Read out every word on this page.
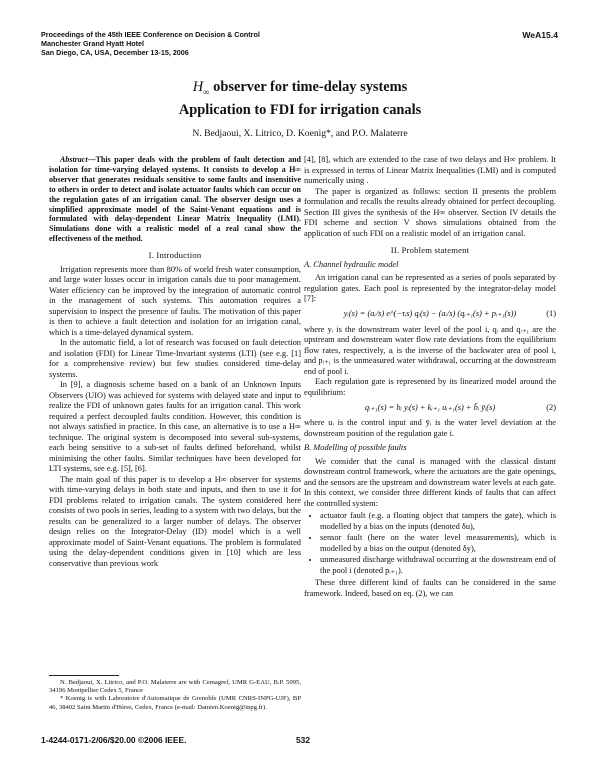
Proceedings of the 45th IEEE Conference on Decision & Control
Manchester Grand Hyatt Hotel
San Diego, CA, USA, December 13-15, 2006
WeA15.4
$H_\infty$ observer for time-delay systems
Application to FDI for irrigation canals
N. Bedjaoui, X. Litrico, D. Koenig*, and P.O. Malaterre

Abstract—This paper deals with the problem of fault detection and isolation for time-varying delayed systems. It consists to develop a H∞ observer that generates residuals sensitive to some faults and insensitive to others in order to detect and isolate actuator faults which can occur on the regulation gates of an irrigation canal. The observer design uses a simplified approximate model of the Saint-Venant equations and is formulated with delay-dependent Linear Matrix Inequality (LMI). Simulations done with a realistic model of a real canal show the effectiveness of the method.

I. Introduction

Irrigation represents more than 80% of world fresh water consumption, and large water losses occur in irrigation canals due to poor management. Water efficiency can be improved by the integration of automatic control in the management of such systems. This automation requires a supervision to inspect the presence of faults. The motivation of this paper is then to achieve a fault detection and isolation for an irrigation canal, which is a time-delayed dynamical system.

In the automatic field, a lot of research was focused on fault detection and isolation (FDI) for Linear Time-Invariant systems (LTI) (see e.g. [1] for a comprehensive review) but few studies considered time-delay systems.

In [9], a diagnosis scheme based on a bank of an Unknown Inputs Observers (UIO) was achieved for systems with delayed state and input to realize the FDI of unknown gates faults for an irrigation canal. This work required a perfect decoupled faults condition. However, this condition is not always satisfied in practice. In this case, an alternative is to use a H∞ technique. The original system is decomposed into several sub-systems, each being sensitive to a sub-set of faults defined beforehand, whilst minimising the other faults. Similar techniques have been developed for LTI systems, see e.g. [5], [6].

The main goal of this paper is to develop a H∞ observer for systems with time-varying delays in both state and inputs, and then to use it for FDI problems related to irrigation canals. The system considered here consists of two pools in series, leading to a system with two delays, but the results can be generalized to a larger number of delays. The observer design relies on the Integrator-Delay (ID) model which is a well approximate model of Saint-Venant equations. The problem is formulated using the delay-dependent conditions given in [10] which are less conservative than previous work

N. Bedjaoui, X. Litrico, and P.O. Malaterre are with Cemagref, UMR G-EAU, B.P. 5095, 34196 Montpellier Cedex 5, France

* Koenig is with Laboratoire d'Automatique de Grenoble (UMR CNRS-INPG-UJF), BP 46, 38402 Saint Martin d'Hères, Cedex, France (e-mail: Damien.Koenig@inpg.fr).

[4], [8], which are extended to the case of two delays and H∞ problem. It is expressed in terms of Linear Matrix Inequalities (LMI) and is computed numerically using .

The paper is organized as follows: section II presents the problem formulation and recalls the results already obtained for perfect decoupling. Section III gives the synthesis of the H∞ observer. Section IV details the FDI scheme and section V shows simulations obtained from the application of such FDI on a realistic model of an irrigation canal.

II. Problem statement
A. Channel hydraulic model

An irrigation canal can be represented as a series of pools separated by regulation gates. Each pool is represented by the integrator-delay model [7]:

yᵢ(s) = (aᵢ/s) e^(−τᵢs) qᵢ(s) − (aᵢ/s) (qᵢ₊₁(s) + pᵢ₊₁(s))	(1)

where yᵢ is the downstream water level of the pool i, qᵢ and qᵢ₊₁ are the upstream and downstream water flow rate deviations from the equilibrium flow rates, respectively, aᵢ is the inverse of the backwater area of pool i, and pᵢ₊₁ is the unmeasured water withdrawal, occurring at the downstream end of pool i.

Each regulation gate is represented by its linearized model around the equilibrium:

qᵢ₊₁(s) = bᵢ yᵢ(s) + kᵢ₊₁ uᵢ₊₁(s) + b̄ᵢ ȳᵢ(s)	(2)

where uᵢ is the control input and ȳᵢ is the water level deviation at the downstream position of the regulation gate i.

B. Modelling of possible faults

We consider that the canal is managed with the classical distant downstream control framework, where the actuators are the gate openings, and the sensors are the upstream and downstream water levels at each gate. In this context, we consider three different kinds of faults that can affect the controlled system:

• actuator fault (e.g. a floating object that tampers the gate), which is modelled by a bias on the inputs (denoted δu),
• sensor fault (here on the water level measurements), which is modelled by a bias on the output (denoted δy),
• unmeasured discharge withdrawal occurring at the downstream end of the pool i (denoted pᵢ₊₁).

These three different kind of faults can be considered in the same framework. Indeed, based on eq. (2), we can

1-4244-0171-2/06/$20.00 ©2006 IEEE.	532
